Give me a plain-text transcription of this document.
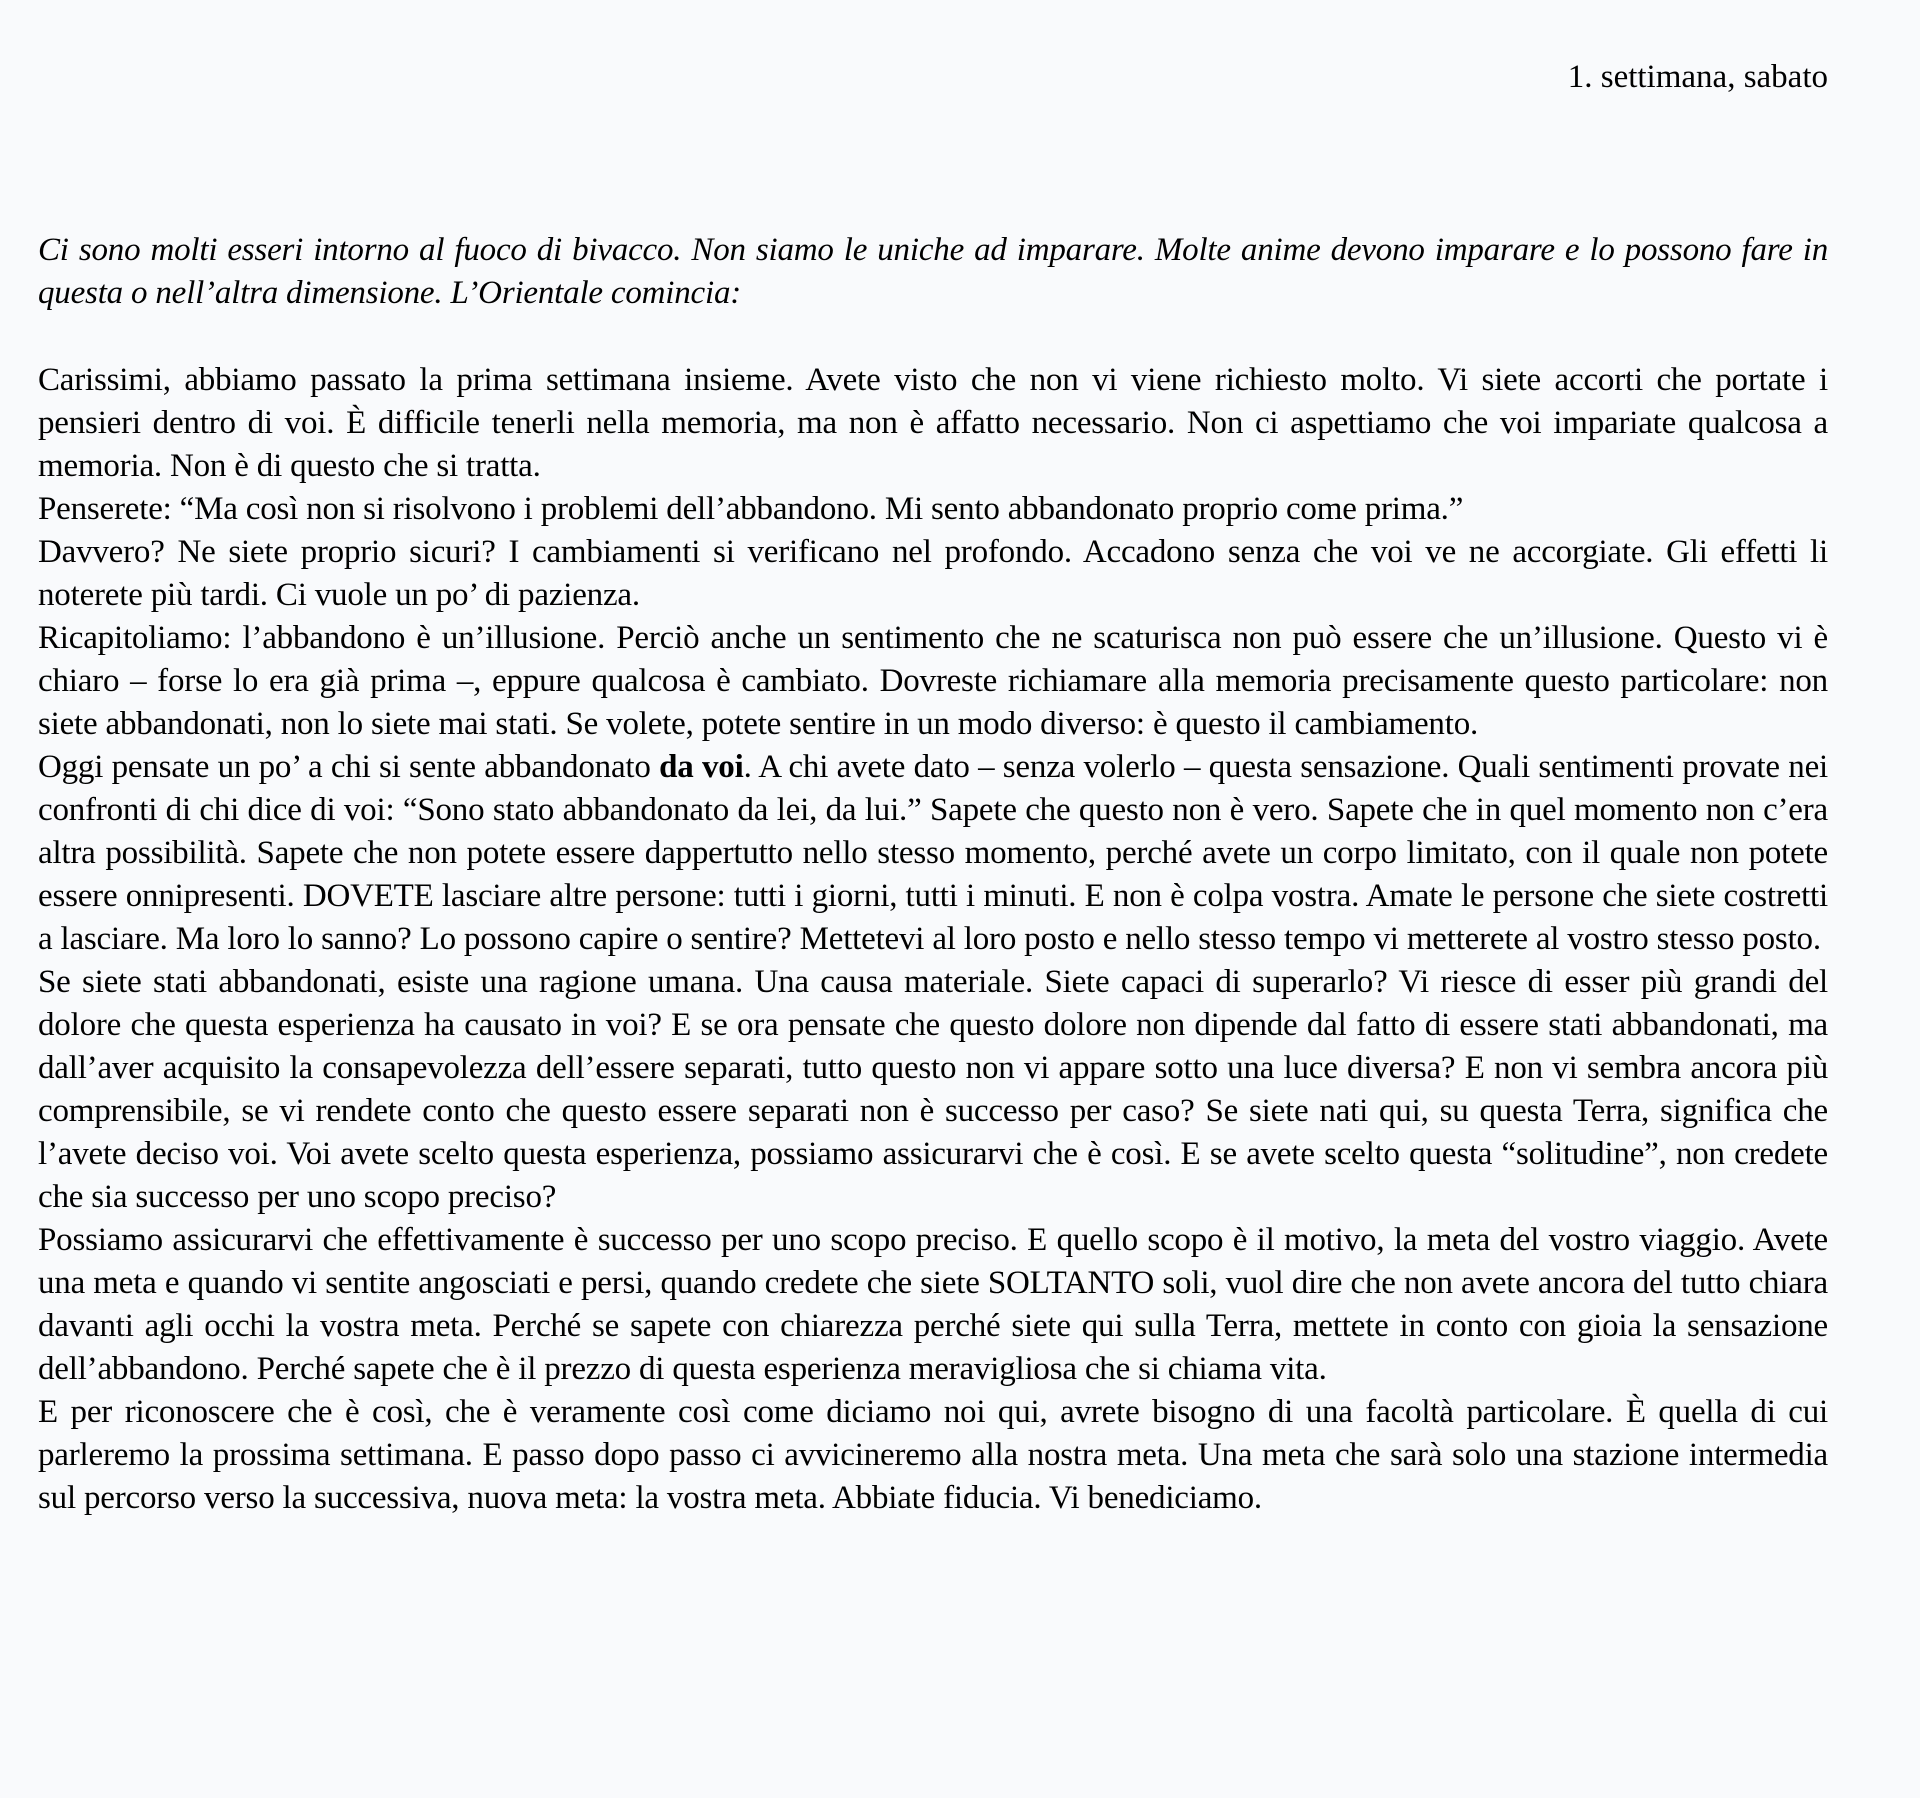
1. settimana, sabato

Ci sono molti esseri intorno al fuoco di bivacco. Non siamo le uniche ad imparare. Molte anime devono imparare e lo possono fare in questa o nell’altra dimensione. L’Orientale comincia:

Carissimi, abbiamo passato la prima settimana insieme. Avete visto che non vi viene richiesto molto. Vi siete accorti che portate i pensieri dentro di voi. È difficile tenerli nella memoria, ma non è affatto necessario. Non ci aspettiamo che voi impariate qualcosa a memoria. Non è di questo che si tratta.

Penserete: “Ma così non si risolvono i problemi dell’abbandono. Mi sento abbandonato proprio come prima.”

Davvero? Ne siete proprio sicuri? I cambiamenti si verificano nel profondo. Accadono senza che voi ve ne accorgiate. Gli effetti li noterete più tardi. Ci vuole un po’ di pazienza.

Ricapitoliamo: l’abbandono è un’illusione. Perciò anche un sentimento che ne scaturisca non può essere che un’illusione. Questo vi è chiaro – forse lo era già prima –, eppure qualcosa è cambiato. Dovreste richiamare alla memoria precisamente questo particolare: non siete abbandonati, non lo siete mai stati. Se volete, potete sentire in un modo diverso: è questo il cambiamento.

Oggi pensate un po’ a chi si sente abbandonato da voi. A chi avete dato – senza volerlo – questa sensazione. Quali sentimenti provate nei confronti di chi dice di voi: “Sono stato abbandonato da lei, da lui.” Sapete che questo non è vero. Sapete che in quel momento non c’era altra possibilità. Sapete che non potete essere dappertutto nello stesso momento, perché avete un corpo limitato, con il quale non potete essere onnipresenti. DOVETE lasciare altre persone: tutti i giorni, tutti i minuti. E non è colpa vostra. Amate le persone che siete costretti a lasciare. Ma loro lo sanno? Lo possono capire o sentire? Mettetevi al loro posto e nello stesso tempo vi metterete al vostro stesso posto.

Se siete stati abbandonati, esiste una ragione umana. Una causa materiale. Siete capaci di superarlo? Vi riesce di esser più grandi del dolore che questa esperienza ha causato in voi? E se ora pensate che questo dolore non dipende dal fatto di essere stati abbandonati, ma dall’aver acquisito la consapevolezza dell’essere separati, tutto questo non vi appare sotto una luce diversa? E non vi sembra ancora più comprensibile, se vi rendete conto che questo essere separati non è successo per caso? Se siete nati qui, su questa Terra, significa che l’avete deciso voi. Voi avete scelto questa esperienza, possiamo assicurarvi che è così. E se avete scelto questa “solitudine”, non credete che sia successo per uno scopo preciso?

Possiamo assicurarvi che effettivamente è successo per uno scopo preciso. E quello scopo è il motivo, la meta del vostro viaggio. Avete una meta e quando vi sentite angosciati e persi, quando credete che siete SOLTANTO soli, vuol dire che non avete ancora del tutto chiara davanti agli occhi la vostra meta. Perché se sapete con chiarezza perché siete qui sulla Terra, mettete in conto con gioia la sensazione dell’abbandono. Perché sapete che è il prezzo di questa esperienza meravigliosa che si chiama vita.

E per riconoscere che è così, che è veramente così come diciamo noi qui, avrete bisogno di una facoltà particolare. È quella di cui parleremo la prossima settimana. E passo dopo passo ci avvicineremo alla nostra meta. Una meta che sarà solo una stazione intermedia sul percorso verso la successiva, nuova meta: la vostra meta. Abbiate fiducia. Vi benediciamo.
